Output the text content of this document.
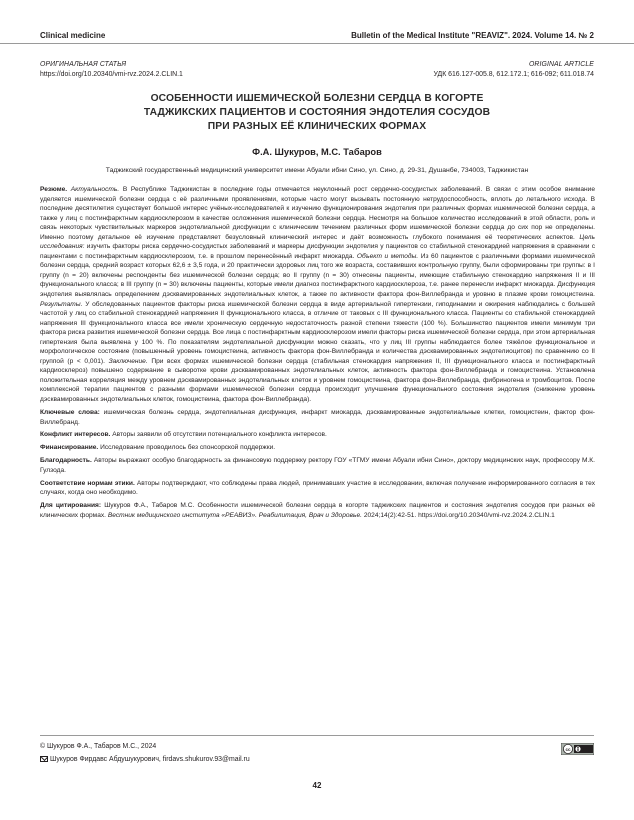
Clinical medicine	Bulletin of the Medical Institute "REAVIZ". 2024. Volume 14. № 2
ОРИГИНАЛЬНАЯ СТАТЬЯ
https://doi.org/10.20340/vmi-rvz.2024.2.CLIN.1
ORIGINAL ARTICLE
УДК 616.127-005.8, 612.172.1; 616-092; 611.018.74
ОСОБЕННОСТИ ИШЕМИЧЕСКОЙ БОЛЕЗНИ СЕРДЦА В КОГОРТЕ
ТАДЖИКСКИХ ПАЦИЕНТОВ И СОСТОЯНИЯ ЭНДОТЕЛИЯ СОСУДОВ
ПРИ РАЗНЫХ ЕЁ КЛИНИЧЕСКИХ ФОРМАХ
Ф.А. Шукуров, М.С. Табаров
Таджикский государственный медицинский университет имени Абуали ибни Сино, ул. Сино, д. 29-31, Душанбе, 734003, Таджикистан

Резюме. Актуальность. В Республике Таджикистан в последние годы отмечается неуклонный рост сердечно-сосудистых заболеваний. В связи с этим особое внимание уделяется ишемической болезни сердца с её различными проявлениями, которые часто могут вызывать постоянную нетрудоспособность, вплоть до летального исхода. В последние десятилетия существует большой интерес учёных-исследователей к изучению функционирования эндотелия при различных формах ишемической болезни сердца, а также у лиц с постинфарктным кардиосклерозом в качестве осложнения ишемической болезни сердца. Несмотря на большое количество исследований в этой области, роль и связь некоторых чувствительных маркеров эндотелиальной дисфункции с клиническим течением различных форм ишемической болезни сердца до сих пор не определены. Именно поэтому детальное её изучение представляет безусловный клинический интерес и даёт возможность глубокого понимания её теоретических аспектов. Цель исследования: изучить факторы риска сердечно-сосудистых заболеваний и маркеры дисфункции эндотелия у пациентов со стабильной стенокардией напряжения в сравнении с пациентами с постинфарктным кардиосклерозом, т.е. в прошлом перенесённый инфаркт миокарда. Объект и методы. Из 60 пациентов с различными формами ишемической болезни сердца, средний возраст которых 62,6 ± 3,5 года, и 20 практически здоровых лиц того же возраста, составивших контрольную группу, были сформированы три группы: в I группу (n = 20) включены респонденты без ишемической болезни сердца; во II группу (n = 30) отнесены пациенты, имеющие стабильную стенокардию напряжения II и III функционального класса; в III группу (n = 30) включены пациенты, которые имели диагноз постинфарктного кардиосклероза, т.е. ранее перенесли инфаркт миокарда. Дисфункция эндотелия выявлялась определением дэсквамированных эндотелиальных клеток, а также по активности фактора фон-Виллебранда и уровню в плазме крови гомоцистеина. Результаты. У обследованных пациентов факторы риска ишемической болезни сердца в виде артериальной гипертензии, гиподинамии и ожирения наблюдались с большей частотой у лиц со стабильной стенокардией напряжения II функционального класса, в отличие от таковых с III функционального класса. Пациенты со стабильной стенокардией напряжения III функционального класса все имели хроническую сердечную недостаточность разной степени тяжести (100 %). Большинство пациентов имели минимум три фактора риска развития ишемической болезни сердца. Все лица с постинфарктным кардиосклерозом имели факторы риска ишемической болезни сердца, при этом артериальная гипертензия была выявлена у 100 %. По показателям эндотелиальной дисфункции можно сказать, что у лиц III группы наблюдается более тяжёлое функциональное и морфологическое состояние (повышенный уровень гомоцистеина, активность фактора фон-Виллебранда и количества дэсквамированных эндотелиоцитов) по сравнению со II группой (p < 0,001). Заключение. При всех формах ишемической болезни сердца (стабильная стенокардия напряжения II, III функционального класса и постинфарктный кардиосклероз) повышено содержание в сыворотке крови дэсквамированных эндотелиальных клеток, активность фактора фон-Виллебранда и гомоцистеина. Установлена положительная корреляция между уровнем дэсквамированных эндотелиальных клеток и уровнем гомоцистеина, фактора фон-Виллебранда, фибриногена и тромбоцитов. После комплексной терапии пациентов с разными формами ишемической болезни сердца происходит улучшение функционального состояния эндотелия (снижение уровень дэсквамированных эндотелиальных клеток, гомоцистеина, фактора фон-Виллебранда).

Ключевые слова: ишемическая болезнь сердца, эндотелиальная дисфункция, инфаркт миокарда, дэсквамированные эндотелиальные клетки, гомоцистеин, фактор фон-Виллебранд.

Конфликт интересов. Авторы заявили об отсутствии потенциального конфликта интересов.

Финансирование. Исследование проводилось без спонсорской поддержки.

Благодарность. Авторы выражают особую благодарность за финансовую поддержку ректору ГОУ «ТГМУ имени Абуали ибни Сино», доктору медицинских наук, профессору М.К. Гулзода.

Соответствие нормам этики. Авторы подтверждают, что соблюдены права людей, принимавших участие в исследовании, включая получение информированного согласия в тех случаях, когда оно необходимо.

Для цитирования: Шукуров Ф.А., Табаров М.С. Особенности ишемической болезни сердца в когорте таджикских пациентов и состояния эндотелия сосудов при разных её клинических формах. Вестник медицинского института «РЕАВИЗ». Реабилитация, Врач и Здоровье. 2024;14(2):42-51. https://doi.org/10.20340/vmi-rvz.2024.2.CLIN.1

© Шукуров Ф.А., Табаров М.С., 2024
Шукуров Фирдавс Абдушукурович, firdavs.shukurov.93@mail.ru
cc
42
